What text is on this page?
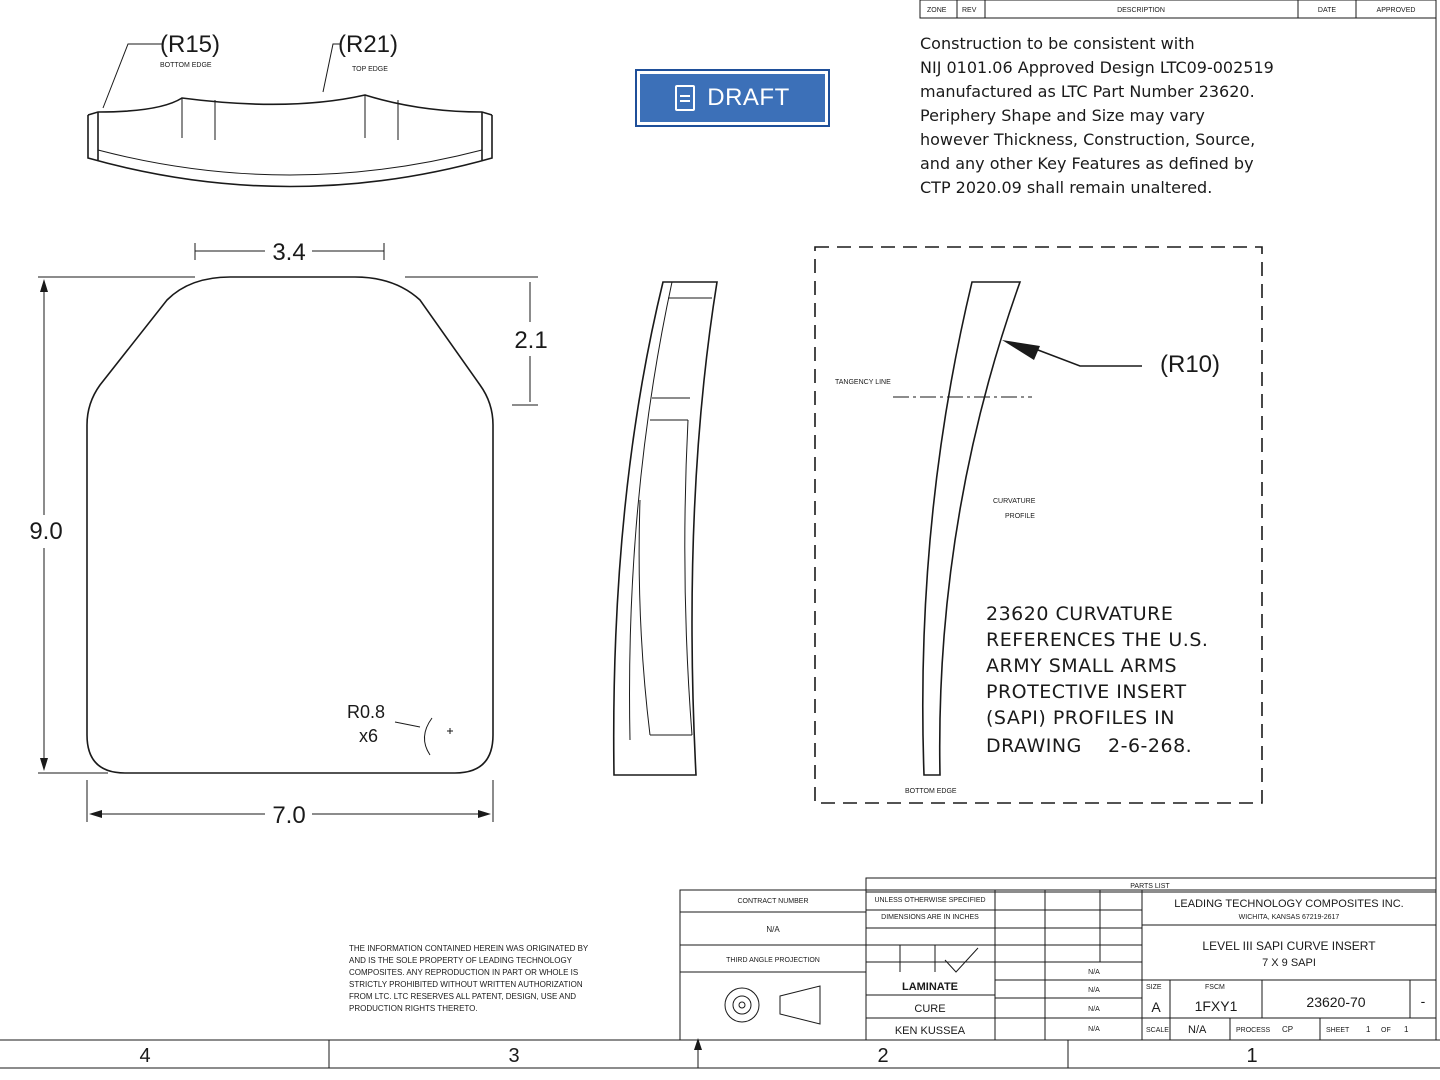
4	3	2	1
(R15)
BOTTOM EDGE
(R21)
TOP EDGE
3.4
9.0
2.1
7.0
R0.8
x6
(R10)
TANGENCY LINE
CURVATURE
PROFILE
BOTTOM EDGE
23620 CURVATURE
REFERENCES THE U.S.
ARMY SMALL ARMS
PROTECTIVE INSERT
(SAPI) PROFILES IN
DRAWING    2-6-268.
ZONE REV	DESCRIPTION	DATE	APPROVED
Construction to be consistent with
NIJ 0101.06 Approved Design LTC09-002519
manufactured as LTC Part Number 23620.
Periphery Shape and Size may vary
however Thickness, Construction, Source,
and any other Key Features as defined by
CTP 2020.09 shall remain unaltered.
THE INFORMATION CONTAINED HEREIN WAS ORIGINATED BY
AND IS THE SOLE PROPERTY OF LEADING TECHNOLOGY
COMPOSITES. ANY REPRODUCTION IN PART OR WHOLE IS
STRICTLY PROHIBITED WITHOUT WRITTEN AUTHORIZATION
FROM LTC. LTC RESERVES ALL PATENT, DESIGN, USE AND
PRODUCTION RIGHTS THERETO.
CONTRACT NUMBER
N/A
THIRD ANGLE PROJECTION
PARTS LIST
UNLESS OTHERWISE SPECIFIED
DIMENSIONS ARE IN INCHES
LEADING TECHNOLOGY COMPOSITES INC.
WICHITA, KANSAS 67219-2617
LEVEL III SAPI CURVE INSERT
7 X 9 SAPI
SIZE
A
FSCM
1FXY1	23620-70	-
SCALE N/A	PROCESS CP	SHEET 1 OF 1
LAMINATE
CURE
KEN KUSSEA
N/A
N/A
N/A
N/A
DRAFT
